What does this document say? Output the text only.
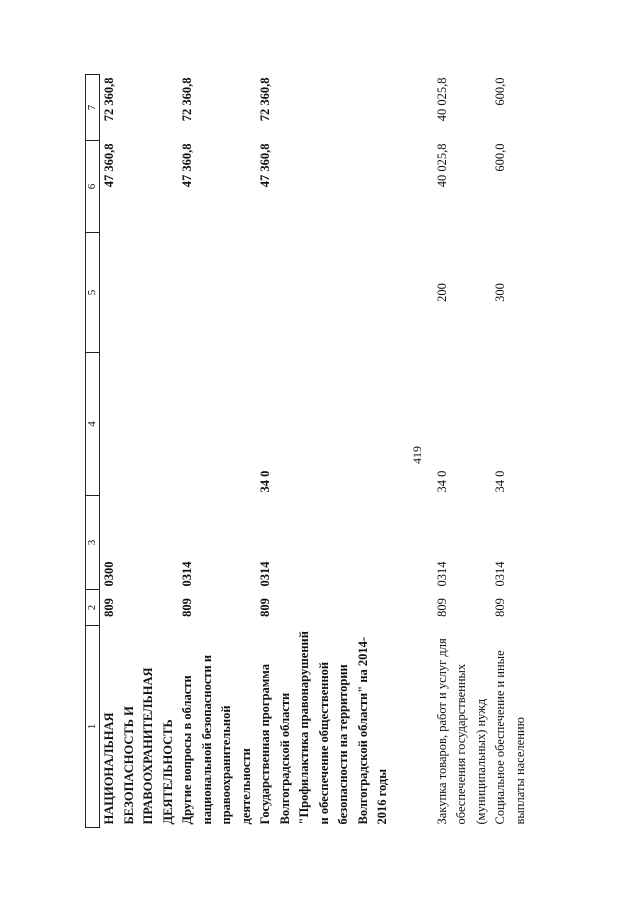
419
1	2	3	4	5	6	7
НАЦИОНАЛЬНАЯ БЕЗОПАСНОСТЬ И ПРАВООХРАНИТЕЛЬНАЯ ДЕЯТЕЛЬНОСТЬ	809	0300			47 360,8	72 360,8
Другие вопросы в области национальной безопасности и правоохранительной деятельности	809	0314			47 360,8	72 360,8
Государственная программа Волгоградской области "Профилактика правонарушений и обеспечение общественной безопасности на территории Волгоградской области" на 2014-2016 годы	809	0314	34 0		47 360,8	72 360,8

Закупка товаров, работ и услуг для обеспечения государственных (муниципальных) нужд	809	0314	34 0	200	40 025,8	40 025,8
Социальное обеспечение и иные выплаты населению	809	0314	34 0	300	600,0	600,0
